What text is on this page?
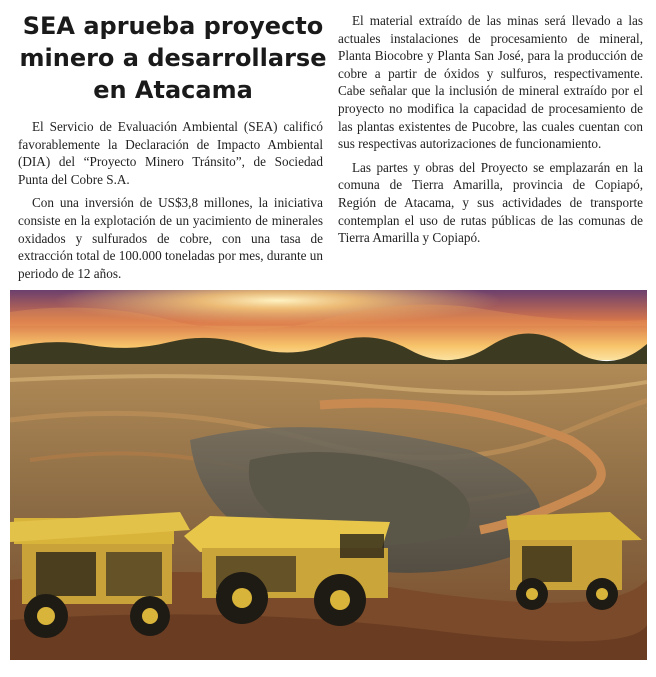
SEA aprueba proyecto minero a desarrollarse en Atacama

El Servicio de Evaluación Ambiental (SEA) calificó favorablemente la Declaración de Impacto Ambiental (DIA) del “Proyecto Minero Tránsito”, de Sociedad Punta del Cobre S.A.

Con una inversión de US$3,8 millones, la iniciativa consiste en la explotación de un yacimiento de minerales oxidados y sulfurados de cobre, con una tasa de extracción total de 100.000 toneladas por mes, durante un periodo de 12 años.

El material extraído de las minas será llevado a las actuales instalaciones de procesamiento de mineral, Planta Biocobre y Planta San José, para la producción de cobre a partir de óxidos y sulfuros, respectivamente. Cabe señalar que la inclusión de mineral extraído por el proyecto no modifica la capacidad de procesamiento de las plantas existentes de Pucobre, las cuales cuentan con sus respectivas autorizaciones de funcionamiento.

Las partes y obras del Proyecto se emplazarán en la comuna de Tierra Amarilla, provincia de Copiapó, Región de Atacama, y sus actividades de transporte contemplan el uso de rutas públicas de las comunas de Tierra Amarilla y Copiapó.
